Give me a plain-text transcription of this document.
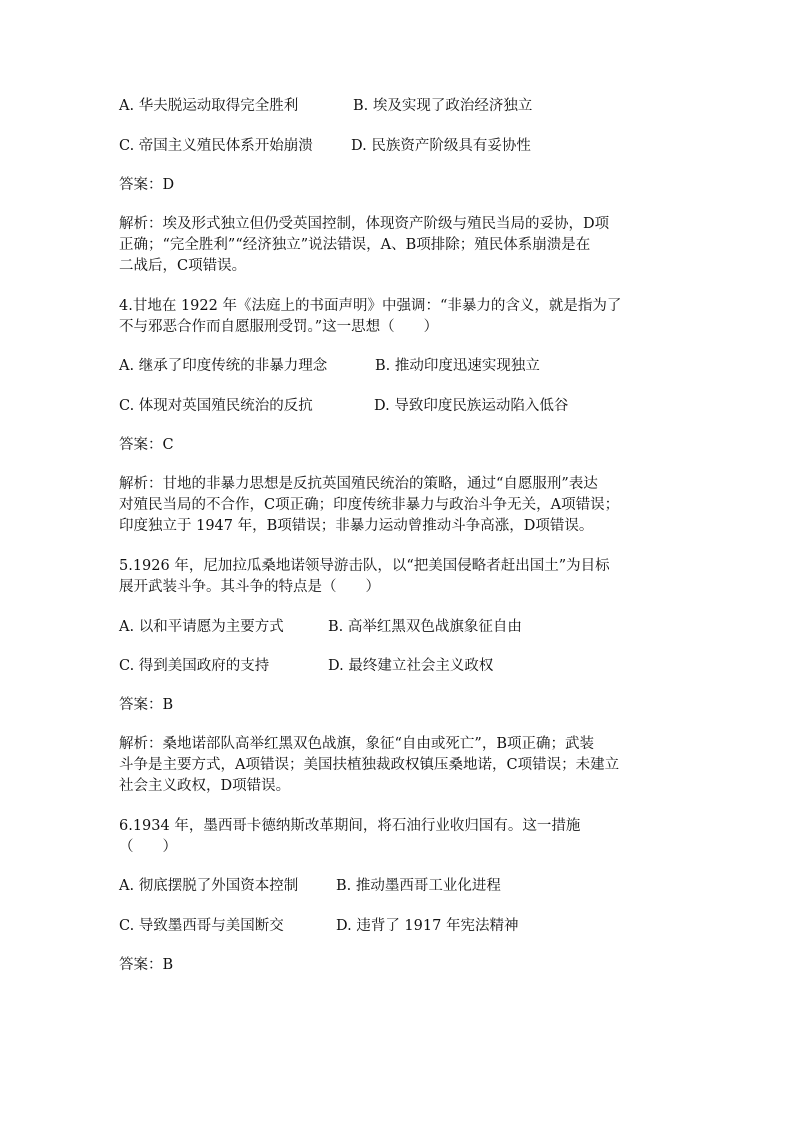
A. 华夫脱运动取得完全胜利	B. 埃及实现了政治经济独立
C. 帝国主义殖民体系开始崩溃	D. 民族资产阶级具有妥协性
答案：D
解析：埃及形式独立但仍受英国控制，体现资产阶级与殖民当局的妥协，D项
正确；“完全胜利”“经济独立”说法错误，A、B项排除；殖民体系崩溃是在
二战后，C项错误。
4.甘地在 1922 年《法庭上的书面声明》中强调：“非暴力的含义，就是指为了
不与邪恶合作而自愿服刑受罚。”这一思想（　　）
A. 继承了印度传统的非暴力理念	B. 推动印度迅速实现独立
C. 体现对英国殖民统治的反抗	D. 导致印度民族运动陷入低谷
答案：C
解析：甘地的非暴力思想是反抗英国殖民统治的策略，通过“自愿服刑”表达
对殖民当局的不合作，C项正确；印度传统非暴力与政治斗争无关，A项错误；
印度独立于 1947 年，B项错误；非暴力运动曾推动斗争高涨，D项错误。
5.1926 年，尼加拉瓜桑地诺领导游击队，以“把美国侵略者赶出国土”为目标
展开武装斗争。其斗争的特点是（　　）
A. 以和平请愿为主要方式	B. 高举红黑双色战旗象征自由
C. 得到美国政府的支持	D. 最终建立社会主义政权
答案：B
解析：桑地诺部队高举红黑双色战旗，象征“自由或死亡”，B项正确；武装
斗争是主要方式，A项错误；美国扶植独裁政权镇压桑地诺，C项错误；未建立
社会主义政权，D项错误。
6.1934 年，墨西哥卡德纳斯改革期间，将石油行业收归国有。这一措施
（　　）
A. 彻底摆脱了外国资本控制	B. 推动墨西哥工业化进程
C. 导致墨西哥与美国断交	D. 违背了 1917 年宪法精神
答案：B
